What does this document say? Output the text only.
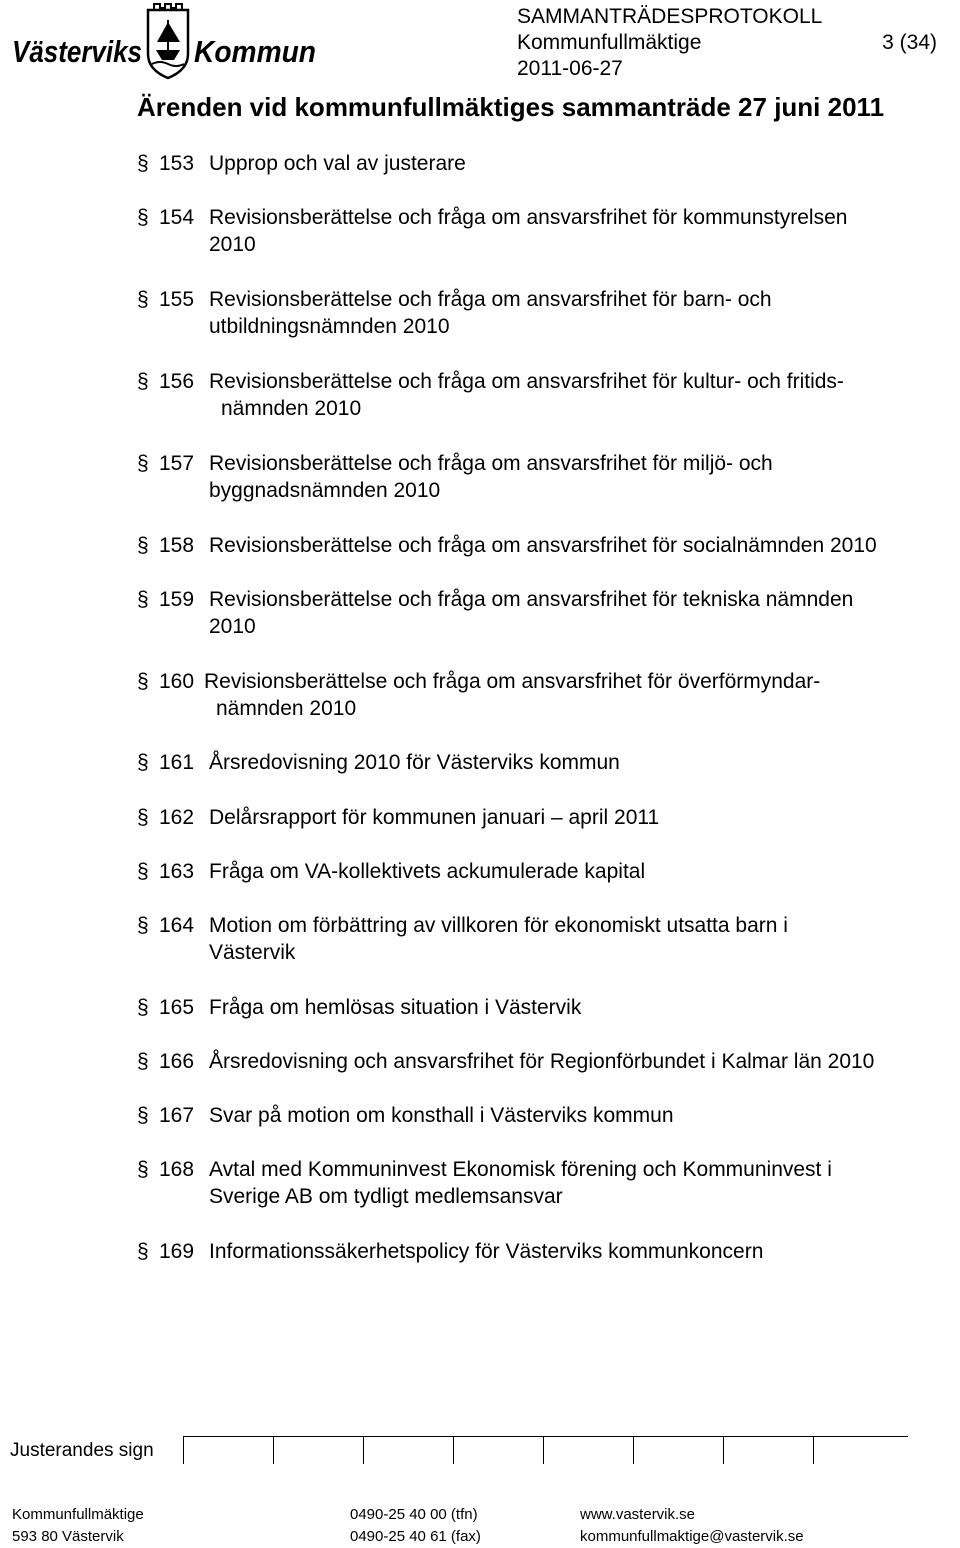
Västerviks Kommun
SAMMANTRÄDESPROTOKOLL
Kommunfullmäktige
2011-06-27
3 (34)
Ärenden vid kommunfullmäktiges sammanträde 27 juni 2011
§ 153 Upprop och val av justerare
§ 154 Revisionsberättelse och fråga om ansvarsfrihet för kommunstyrelsen
2010
§ 155 Revisionsberättelse och fråga om ansvarsfrihet för barn- och
utbildningsnämnden 2010
§ 156 Revisionsberättelse och fråga om ansvarsfrihet för kultur- och fritids-
nämnden 2010
§ 157 Revisionsberättelse och fråga om ansvarsfrihet för miljö- och
byggnadsnämnden 2010
§ 158 Revisionsberättelse och fråga om ansvarsfrihet för socialnämnden 2010
§ 159 Revisionsberättelse och fråga om ansvarsfrihet för tekniska nämnden
2010
§ 160 Revisionsberättelse och fråga om ansvarsfrihet för överförmyndar-
nämnden 2010
§ 161 Årsredovisning 2010 för Västerviks kommun
§ 162 Delårsrapport för kommunen januari – april 2011
§ 163 Fråga om VA-kollektivets ackumulerade kapital
§ 164 Motion om förbättring av villkoren för ekonomiskt utsatta barn i
Västervik
§ 165 Fråga om hemlösas situation i Västervik
§ 166 Årsredovisning och ansvarsfrihet för Regionförbundet i Kalmar län 2010
§ 167 Svar på motion om konsthall i Västerviks kommun
§ 168 Avtal med Kommuninvest Ekonomisk förening och Kommuninvest i
Sverige AB om tydligt medlemsansvar
§ 169 Informationssäkerhetspolicy för Västerviks kommunkoncern
Justerandes sign
Kommunfullmäktige
593 80 Västervik
0490-25 40 00 (tfn)
0490-25 40 61 (fax)
www.vastervik.se
kommunfullmaktige@vastervik.se
